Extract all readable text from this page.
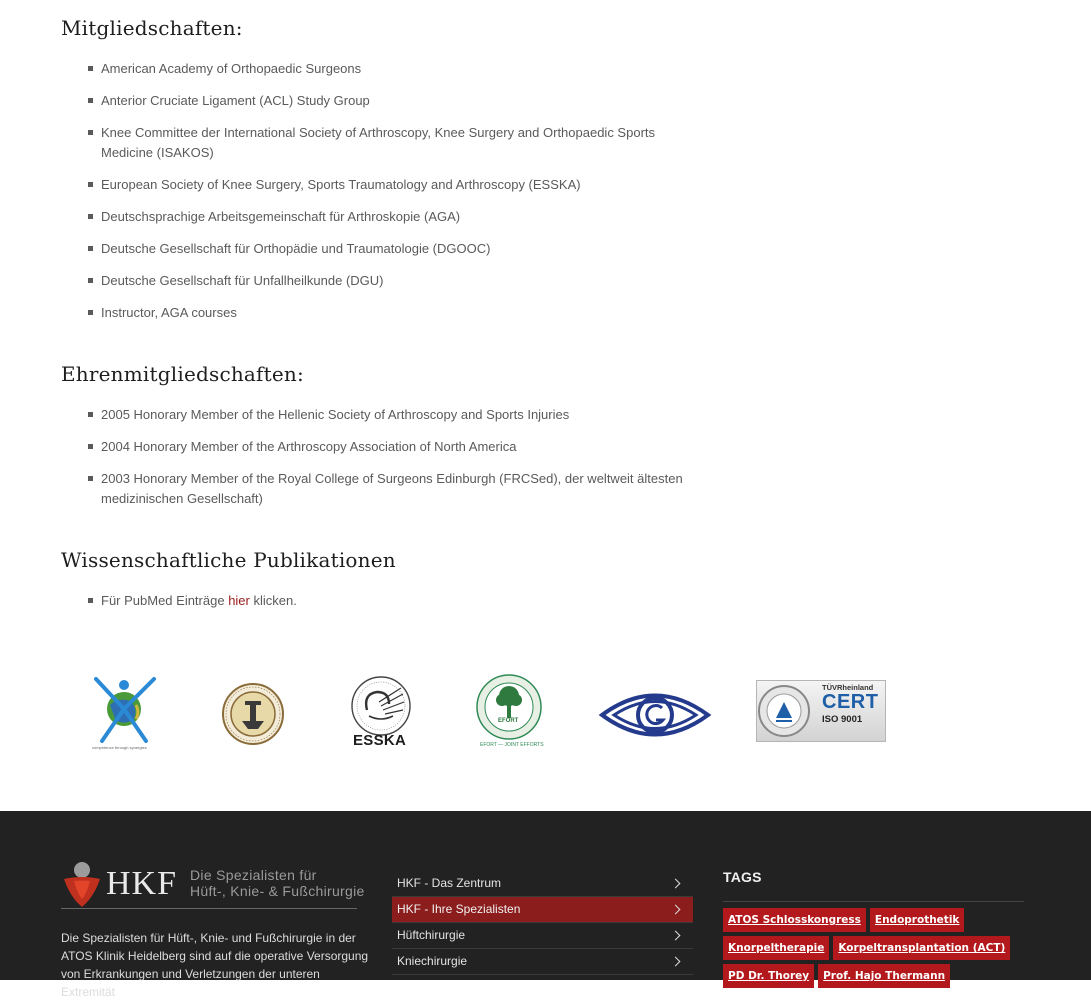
Mitgliedschaften:
American Academy of Orthopaedic Surgeons
Anterior Cruciate Ligament (ACL) Study Group
Knee Committee der International Society of Arthroscopy, Knee Surgery and Orthopaedic Sports Medicine (ISAKOS)
European Society of Knee Surgery, Sports Traumatology and Arthroscopy (ESSKA)
Deutschsprachige Arbeitsgemeinschaft für Arthroskopie (AGA)
Deutsche Gesellschaft für Orthopädie und Traumatologie (DGOOC)
Deutsche Gesellschaft für Unfallheilkunde (DGU)
Instructor, AGA courses
Ehrenmitgliedschaften:
2005 Honorary Member of the Hellenic Society of Arthroscopy and Sports Injuries
2004 Honorary Member of the Arthroscopy Association of North America
2003 Honorary Member of the Royal College of Surgeons Edinburgh (FRCSed), der weltweit ältesten medizinischen Gesellschaft)
Wissenschaftliche Publikationen
Für PubMed Einträge hier klicken.
competence through synergies	ESSKA
EFORT
EFORT — JOINT EFFORTS
TÜVRheinland
CERT
ISO 9001
HKF Die Spezialisten für
Hüft-, Knie- & Fußchirurgie
Die Spezialisten für Hüft-, Knie- und Fußchirurgie in der ATOS Klinik Heidelberg sind auf die operative Versorgung von Erkrankungen und Verletzungen der unteren Extremität
HKF - Das Zentrum
HKF - Ihre Spezialisten
Hüftchirurgie
Kniechirurgie
TAGS
ATOS Schlosskongress EndoprothetikKnorpeltherapie Korpeltransplantation (ACT)PD Dr. Thorey Prof. Hajo Thermann
